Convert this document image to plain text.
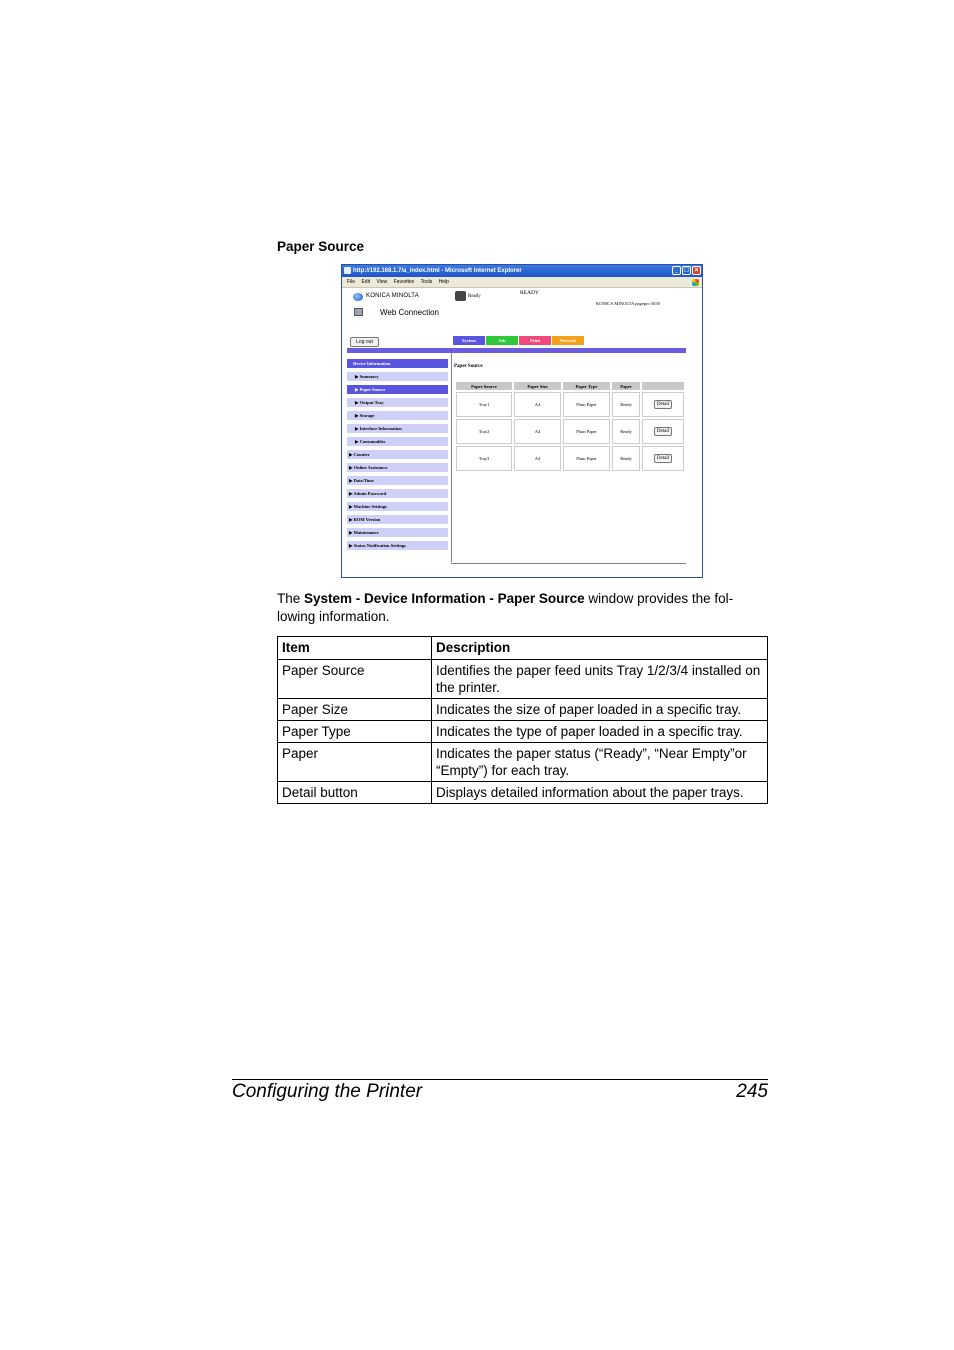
Paper Source
http://192.168.1.7/a_index.html - Microsoft Internet Explorer	_ □ ×
File Edit View Favorites Tools Help
KONICA MINOLTA
Web Connection
Ready
READY
KONICA MINOLTA pagepro 5650
Log out	System	Job	Print	Network
Device Information
▶ Summary
▶ Paper Source
▶ Output Tray
▶ Storage
▶ Interface Information
▶ Consumables
▶ Counter
▶ Online Assistance
▶ Date/Time
▶ Admin Password
▶ Machine Settings
▶ ROM Version
▶ Maintenance
▶ Status Notification Settings
Paper Source
Paper Source	Paper Size	Paper Type	Paper	
Tray1	A4	Plain Paper	Ready	Detail
Tray2	A4	Plain Paper	Ready	Detail
Tray3	A4	Plain Paper	Ready	Detail
The System - Device Information - Paper Source window provides the fol-lowing information.
Item	Description
Paper Source	Identifies the paper feed units Tray 1/2/3/4 installed on the printer.
Paper Size	Indicates the size of paper loaded in a specific tray.
Paper Type	Indicates the type of paper loaded in a specific tray.
Paper	Indicates the paper status (“Ready”, “Near Empty”or “Empty”) for each tray.
Detail button	Displays detailed information about the paper trays.
Configuring the Printer	245
